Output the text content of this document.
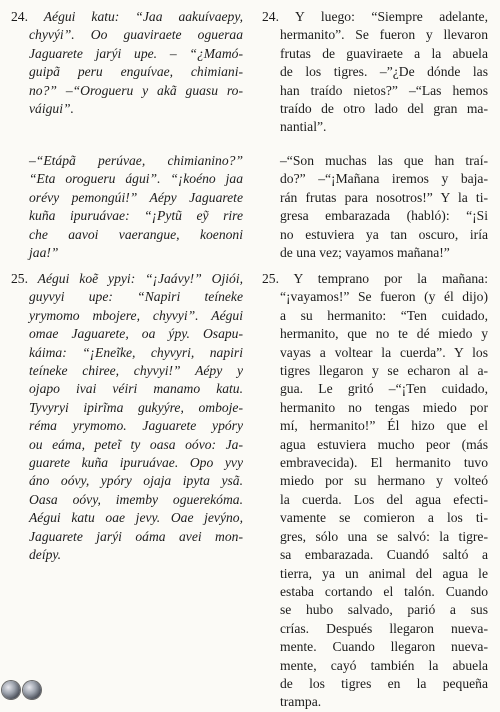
24. Aégui katu: “Jaa aakuívaepy,
chyvýi”. Oo guaviraete ogueraa
Jaguarete jarýi upe. – “¿Mamó-
guipã peru enguívae, chimiani-
no?” –“Orogueru y akã guasu ro-
váigui”.
–“Etápã perúvae, chimianino?”
“Eta orogueru águi”. “¡koéno jaa
orévy pemongúi!” Aépy Jaguarete
kuña ipuruávae: “¡Pytũ eỹ rire
che aavoi vaerangue, koenoni
jaa!”
25. Aégui koẽ ypyi: “¡Jaávy!” Ojiói,
guyvyi upe: “Napiri teíneke
yrymomo mbojere, chyvyi”. Aégui
omae Jaguarete, oa ýpy. Osapu-
káima: “¡Eneĩke, chyvyri, napiri
teíneke chiree, chyvyi!” Aépy y
ojapo ivai véiri manamo katu.
Tyvyryi ipirĩma gukyýre, omboje-
réma yrymomo. Jaguarete ypóry
ou eáma, peteĩ ty oasa oóvo: Ja-
guarete kuña ipuruávae. Opo yvy
áno oóvy, ypóry ojaja ipyta ysã.
Oasa oóvy, imemby oguerekóma.
Aégui katu oae jevy. Oae jevýno,
Jaguarete jarýi oáma avei mon-
deípy.
24. Y luego: “Siempre adelante,
hermanito”. Se fueron y llevaron
frutas de guaviraete a la abuela
de los tigres. –”¿De dónde las
han traído nietos?” –“Las hemos
traído de otro lado del gran ma-
nantial”.
–“Son muchas las que han traí-
do?” –“¡Mañana iremos y baja-
rán frutas para nosotros!” Y la ti-
gresa embarazada (habló): “¡Si
no estuviera ya tan oscuro, iría
de una vez; vayamos mañana!”
25. Y temprano por la mañana:
“¡vayamos!” Se fueron (y él dijo)
a su hermanito: “Ten cuidado,
hermanito, que no te dé miedo y
vayas a voltear la cuerda”. Y los
tigres llegaron y se echaron al a-
gua. Le gritó –“¡Ten cuidado,
hermanito no tengas miedo por
mí, hermanito!” Él hizo que el
agua estuviera mucho peor (más
embravecida). El hermanito tuvo
miedo por su hermano y volteó
la cuerda. Los del agua efecti-
vamente se comieron a los ti-
gres, sólo una se salvó: la tigre-
sa embarazada. Cuandó saltó a
tierra, ya un animal del agua le
estaba cortando el talón. Cuando
se hubo salvado, parió a sus
crías. Después llegaron nueva-
mente. Cuando llegaron nueva-
mente, cayó también la abuela
de los tigres en la pequeña
trampa.
